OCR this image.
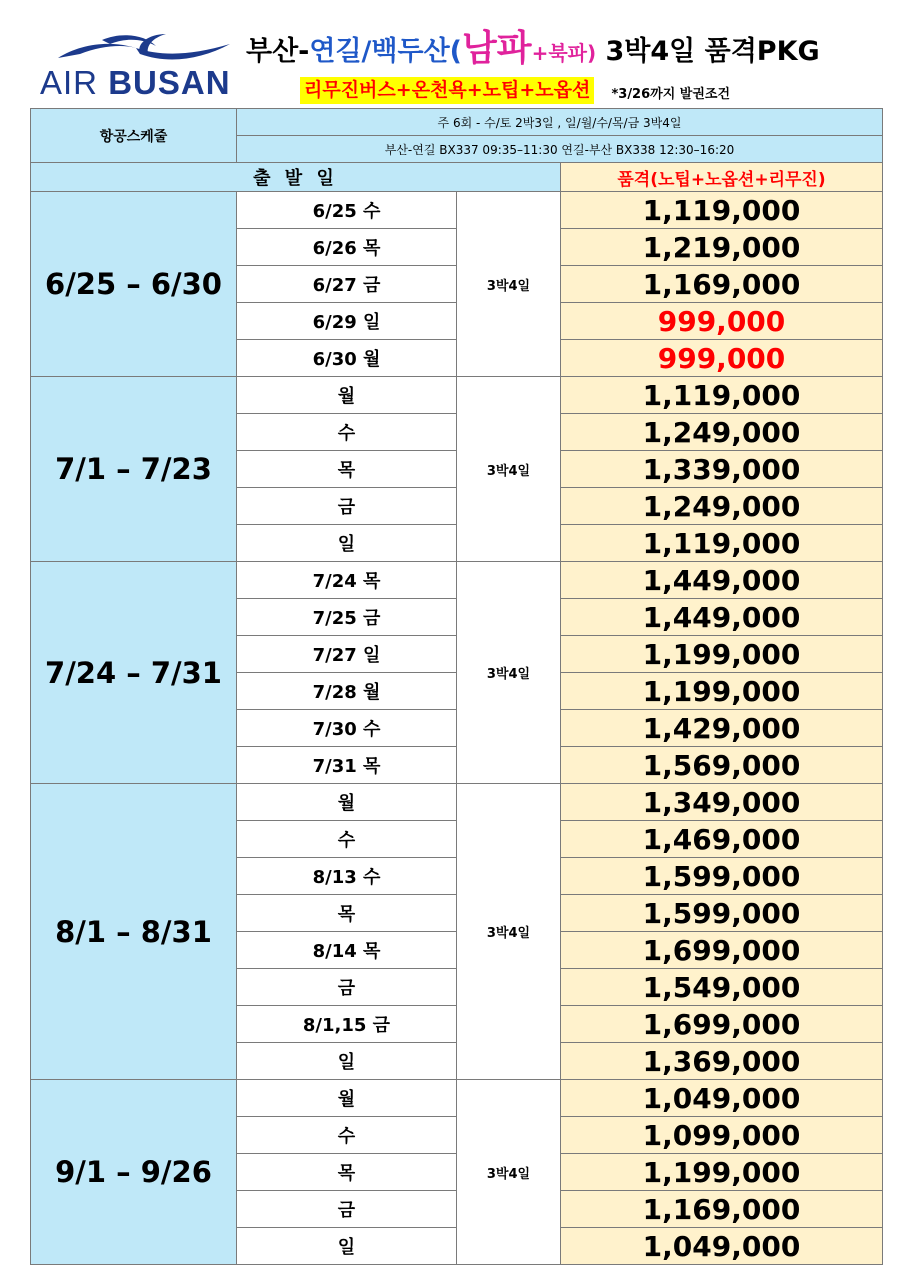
AIR BUSAN
부산-연길/백두산(남파+북파) 3박4일 품격PKG
리무진버스+온천욕+노팁+노옵션 *3/26까지 발권조건
항공스케줄	주 6회 - 수/토 2박3일 , 일/월/수/목/금 3박4일		
	부산-연길 BX337 09:35–11:30 연길-부산 BX338 12:30–16:20		
출 발 일			품격(노팁+노옵션+리무진)
6/25 – 6/30	6/25 수	3박4일	1,119,000
	6/26 목		1,219,000
	6/27 금		1,169,000
	6/29 일		999,000
	6/30 월		999,000
7/1 – 7/23	월	3박4일	1,119,000
	수		1,249,000
	목		1,339,000
	금		1,249,000
	일		1,119,000
7/24 – 7/31	7/24 목	3박4일	1,449,000
	7/25 금		1,449,000
	7/27 일		1,199,000
	7/28 월		1,199,000
	7/30 수		1,429,000
	7/31 목		1,569,000
8/1 – 8/31	월	3박4일	1,349,000
	수		1,469,000
	8/13 수		1,599,000
	목		1,599,000
	8/14 목		1,699,000
	금		1,549,000
	8/1,15 금		1,699,000
	일		1,369,000
9/1 – 9/26	월	3박4일	1,049,000
	수		1,099,000
	목		1,199,000
	금		1,169,000
	일		1,049,000
